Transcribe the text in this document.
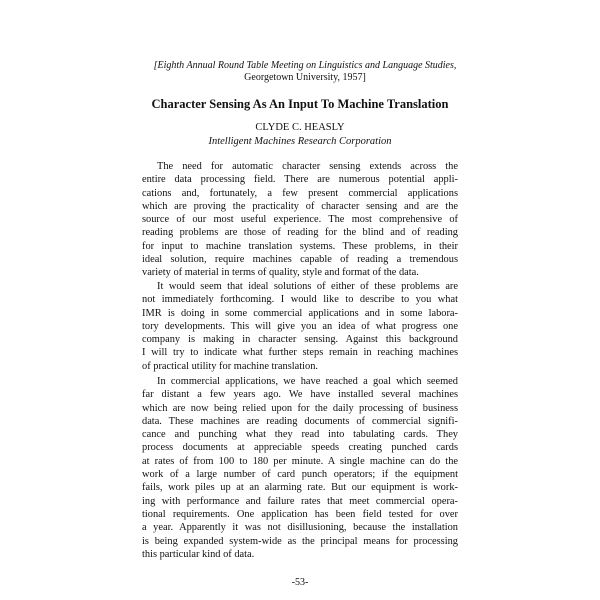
[Eighth Annual Round Table Meeting on Linguistics and Language Studies,
Georgetown University, 1957]
Character Sensing As An Input To Machine Translation
CLYDE C. HEASLY
Intelligent Machines Research Corporation

The need for automatic character sensing extends across the
entire data processing field. There are numerous potential appli-
cations and, fortunately, a few present commercial applications
which are proving the practicality of character sensing and are the
source of our most useful experience. The most comprehensive of
reading problems are those of reading for the blind and of reading
for input to machine translation systems. These problems, in their
ideal solution, require machines capable of reading a tremendous
variety of material in terms of quality, style and format of the data.

It would seem that ideal solutions of either of these problems are
not immediately forthcoming. I would like to describe to you what
IMR is doing in some commercial applications and in some labora-
tory developments. This will give you an idea of what progress one
company is making in character sensing. Against this background
I will try to indicate what further steps remain in reaching machines
of practical utility for machine translation.

In commercial applications, we have reached a goal which seemed
far distant a few years ago. We have installed several machines
which are now being relied upon for the daily processing of business
data. These machines are reading documents of commercial signifi-
cance and punching what they read into tabulating cards. They
process documents at appreciable speeds creating punched cards
at rates of from 100 to 180 per minute. A single machine can do the
work of a large number of card punch operators; if the equipment
fails, work piles up at an alarming rate. But our equipment is work-
ing with performance and failure rates that meet commercial opera-
tional requirements. One application has been field tested for over
a year. Apparently it was not disillusioning, because the installation
is being expanded system-wide as the principal means for processing
this particular kind of data.

-53-
